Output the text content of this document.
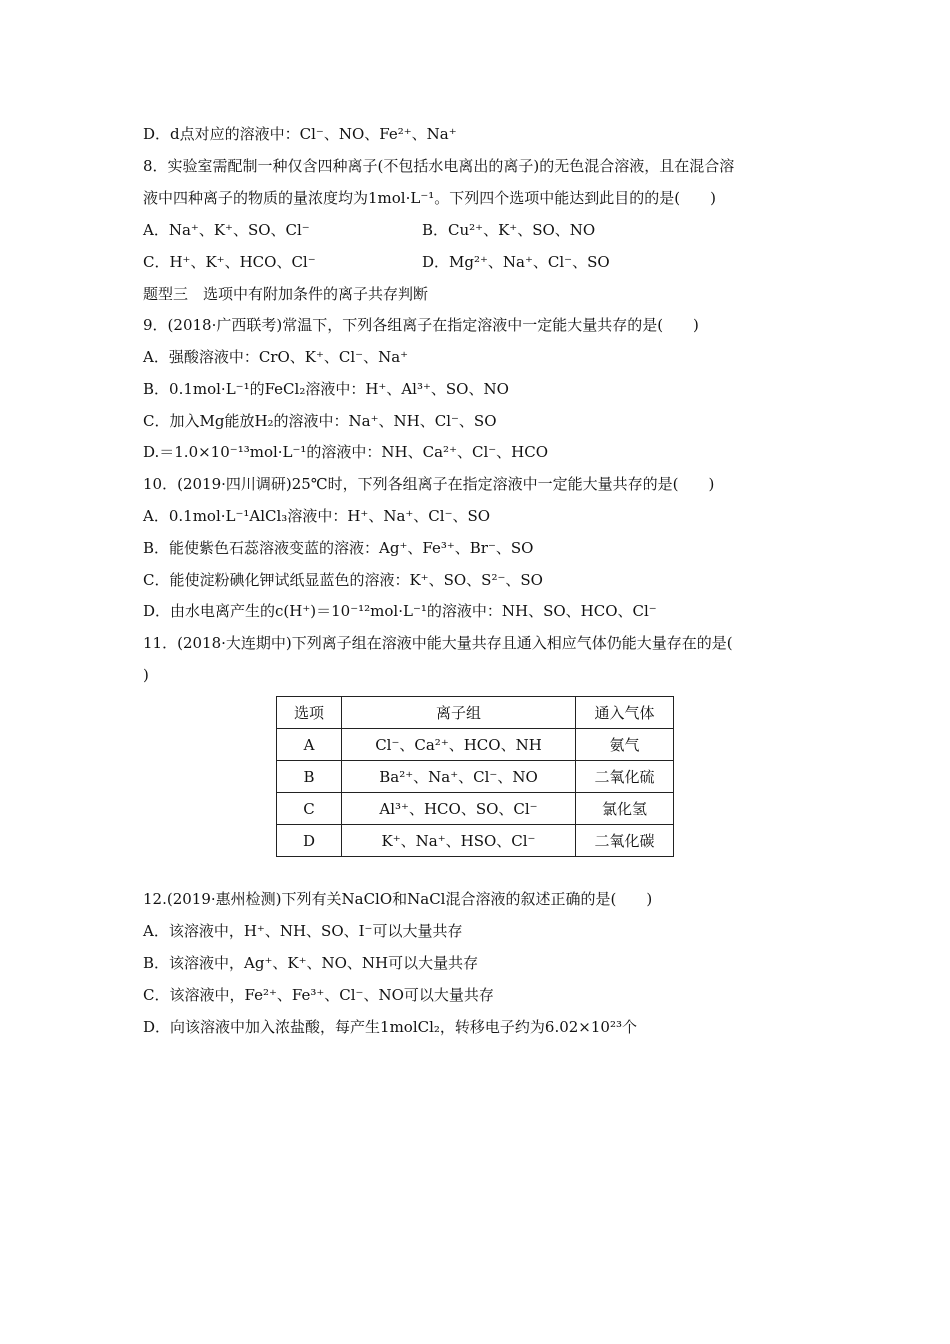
D．d点对应的溶液中：Cl⁻、NO、Fe²⁺、Na⁺
8．实验室需配制一种仅含四种离子(不包括水电离出的离子)的无色混合溶液，且在混合溶
液中四种离子的物质的量浓度均为1mol·L⁻¹。下列四个选项中能达到此目的的是(　　)
A．Na⁺、K⁺、SO、Cl⁻	B．Cu²⁺、K⁺、SO、NO
C．H⁺、K⁺、HCO、Cl⁻	D．Mg²⁺、Na⁺、Cl⁻、SO
题型三　选项中有附加条件的离子共存判断
9．(2018·广西联考)常温下，下列各组离子在指定溶液中一定能大量共存的是(　　)
A．强酸溶液中：CrO、K⁺、Cl⁻、Na⁺
B．0.1mol·L⁻¹的FeCl₂溶液中：H⁺、Al³⁺、SO、NO
C．加入Mg能放H₂的溶液中：Na⁺、NH、Cl⁻、SO
D.＝1.0×10⁻¹³mol·L⁻¹的溶液中：NH、Ca²⁺、Cl⁻、HCO
10．(2019·四川调研)25℃时，下列各组离子在指定溶液中一定能大量共存的是(　　)
A．0.1mol·L⁻¹AlCl₃溶液中：H⁺、Na⁺、Cl⁻、SO
B．能使紫色石蕊溶液变蓝的溶液：Ag⁺、Fe³⁺、Br⁻、SO
C．能使淀粉碘化钾试纸显蓝色的溶液：K⁺、SO、S²⁻、SO
D．由水电离产生的c(H⁺)＝10⁻¹²mol·L⁻¹的溶液中：NH、SO、HCO、Cl⁻
11．(2018·大连期中)下列离子组在溶液中能大量共存且通入相应气体仍能大量存在的是(
)
选项	离子组	通入气体
A	Cl⁻、Ca²⁺、HCO、NH	氨气
B	Ba²⁺、Na⁺、Cl⁻、NO	二氧化硫
C	Al³⁺、HCO、SO、Cl⁻	氯化氢
D	K⁺、Na⁺、HSO、Cl⁻	二氧化碳
12.(2019·惠州检测)下列有关NaClO和NaCl混合溶液的叙述正确的是(　　)
A．该溶液中，H⁺、NH、SO、I⁻可以大量共存
B．该溶液中，Ag⁺、K⁺、NO、NH可以大量共存
C．该溶液中，Fe²⁺、Fe³⁺、Cl⁻、NO可以大量共存
D．向该溶液中加入浓盐酸，每产生1molCl₂，转移电子约为6.02×10²³个
